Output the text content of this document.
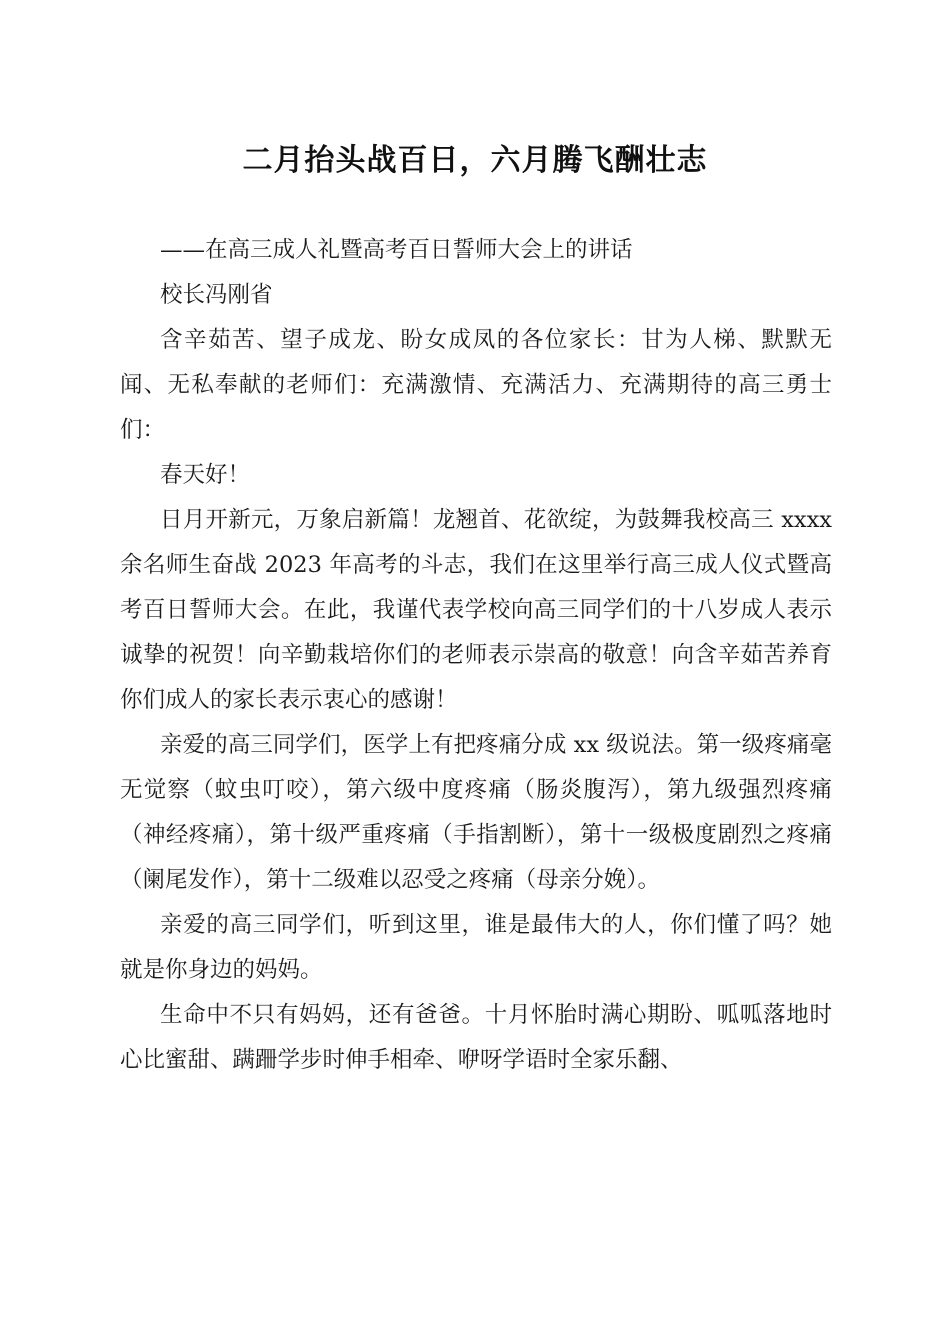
二月抬头战百日，六月腾飞酬壮志

——在高三成人礼暨高考百日誓师大会上的讲话

校长冯刚省

含辛茹苦、望子成龙、盼女成凤的各位家长：甘为人梯、默默无闻、无私奉献的老师们：充满激情、充满活力、充满期待的高三勇士们：

春天好！

日月开新元，万象启新篇！龙翘首、花欲绽，为鼓舞我校高三 xxxx 余名师生奋战 2023 年高考的斗志，我们在这里举行高三成人仪式暨高考百日誓师大会。在此，我谨代表学校向高三同学们的十八岁成人表示诚挚的祝贺！向辛勤栽培你们的老师表示崇高的敬意！向含辛茹苦养育你们成人的家长表示衷心的感谢！

亲爱的高三同学们，医学上有把疼痛分成 xx 级说法。第一级疼痛毫无觉察（蚊虫叮咬），第六级中度疼痛（肠炎腹泻），第九级强烈疼痛（神经疼痛），第十级严重疼痛（手指割断），第十一级极度剧烈之疼痛（阑尾发作），第十二级难以忍受之疼痛（母亲分娩）。

亲爱的高三同学们，听到这里，谁是最伟大的人，你们懂了吗？她就是你身边的妈妈。

生命中不只有妈妈，还有爸爸。十月怀胎时满心期盼、呱呱落地时心比蜜甜、蹒跚学步时伸手相牵、咿呀学语时全家乐翻、
